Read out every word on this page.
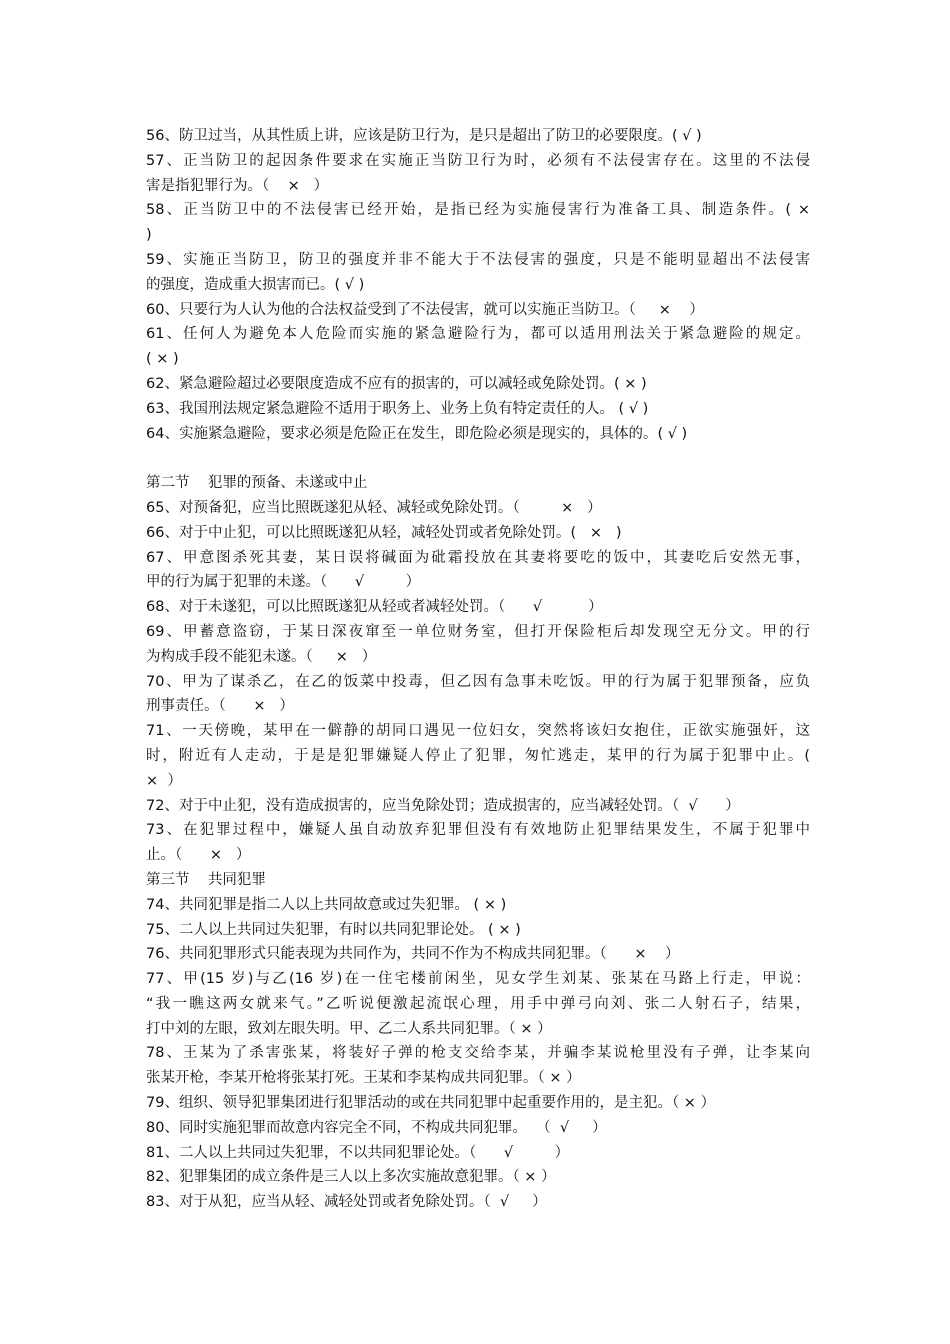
56、防卫过当，从其性质上讲，应该是防卫行为，是只是超出了防卫的必要限度。( √ )
57、正当防卫的起因条件要求在实施正当防卫行为时，必须有不法侵害存在。这里的不法侵
害是指犯罪行为。（    ×   ）
58、正当防卫中的不法侵害已经开始，是指已经为实施侵害行为准备工具、制造条件。( ×
)
59、实施正当防卫，防卫的强度并非不能大于不法侵害的强度，只是不能明显超出不法侵害
的强度，造成重大损害而已。( √ )
60、只要行为人认为他的合法权益受到了不法侵害，就可以实施正当防卫。（     ×    ）
61、任何人为避免本人危险而实施的紧急避险行为，都可以适用刑法关于紧急避险的规定。
( × )
62、紧急避险超过必要限度造成不应有的损害的，可以减轻或免除处罚。( × )
63、我国刑法规定紧急避险不适用于职务上、业务上负有特定责任的人。 ( √ )
64、实施紧急避险，要求必须是危险正在发生，即危险必须是现实的，具体的。( √ )
第二节    犯罪的预备、未遂或中止
65、对预备犯，应当比照既遂犯从轻、减轻或免除处罚。（         ×   ）
66、对于中止犯，可以比照既遂犯从轻，减轻处罚或者免除处罚。(   ×   )
67、甲意图杀死其妻，某日误将碱面为砒霜投放在其妻将要吃的饭中，其妻吃后安然无事，
甲的行为属于犯罪的未遂。（      √         ）
68、对于未遂犯，可以比照既遂犯从轻或者减轻处罚。（      √          ）
69、甲蓄意盗窃，于某日深夜窜至一单位财务室，但打开保险柜后却发现空无分文。甲的行
为构成手段不能犯未遂。（     ×   ）
70、甲为了谋杀乙，在乙的饭菜中投毒，但乙因有急事未吃饭。甲的行为属于犯罪预备，应负
刑事责任。（      ×   ）
71、一天傍晚，某甲在一僻静的胡同口遇见一位妇女，突然将该妇女抱住，正欲实施强奸，这
时，附近有人走动，于是是犯罪嫌疑人停止了犯罪，匆忙逃走，某甲的行为属于犯罪中止。(
×  ）
72、对于中止犯，没有造成损害的，应当免除处罚；造成损害的，应当减轻处罚。（  √      ）
73、在犯罪过程中，嫌疑人虽自动放弃犯罪但没有有效地防止犯罪结果发生，不属于犯罪中
止。（      ×   ）
第三节    共同犯罪
74、共同犯罪是指二人以上共同故意或过失犯罪。 ( × )
75、二人以上共同过失犯罪，有时以共同犯罪论处。 ( × )
76、共同犯罪形式只能表现为共同作为，共同不作为不构成共同犯罪。（      ×    ）
77、甲(15 岁)与乙(16 岁)在一住宅楼前闲坐，见女学生刘某、张某在马路上行走，甲说：
“我一瞧这两女就来气。”乙听说便激起流氓心理，用手中弹弓向刘、张二人射石子，结果，
打中刘的左眼，致刘左眼失明。甲、乙二人系共同犯罪。（ × ）
78、王某为了杀害张某，将装好子弹的枪支交给李某，并骗李某说枪里没有子弹，让李某向
张某开枪，李某开枪将张某打死。王某和李某构成共同犯罪。（ × ）
79、组织、领导犯罪集团进行犯罪活动的或在共同犯罪中起重要作用的，是主犯。（ × ）
80、同时实施犯罪而故意内容完全不同，不构成共同犯罪。  （  √     ）
81、二人以上共同过失犯罪，不以共同犯罪论处。（      √         ）
82、犯罪集团的成立条件是三人以上多次实施故意犯罪。（ × ）
83、对于从犯，应当从轻、减轻处罚或者免除处罚。（  √     ）
